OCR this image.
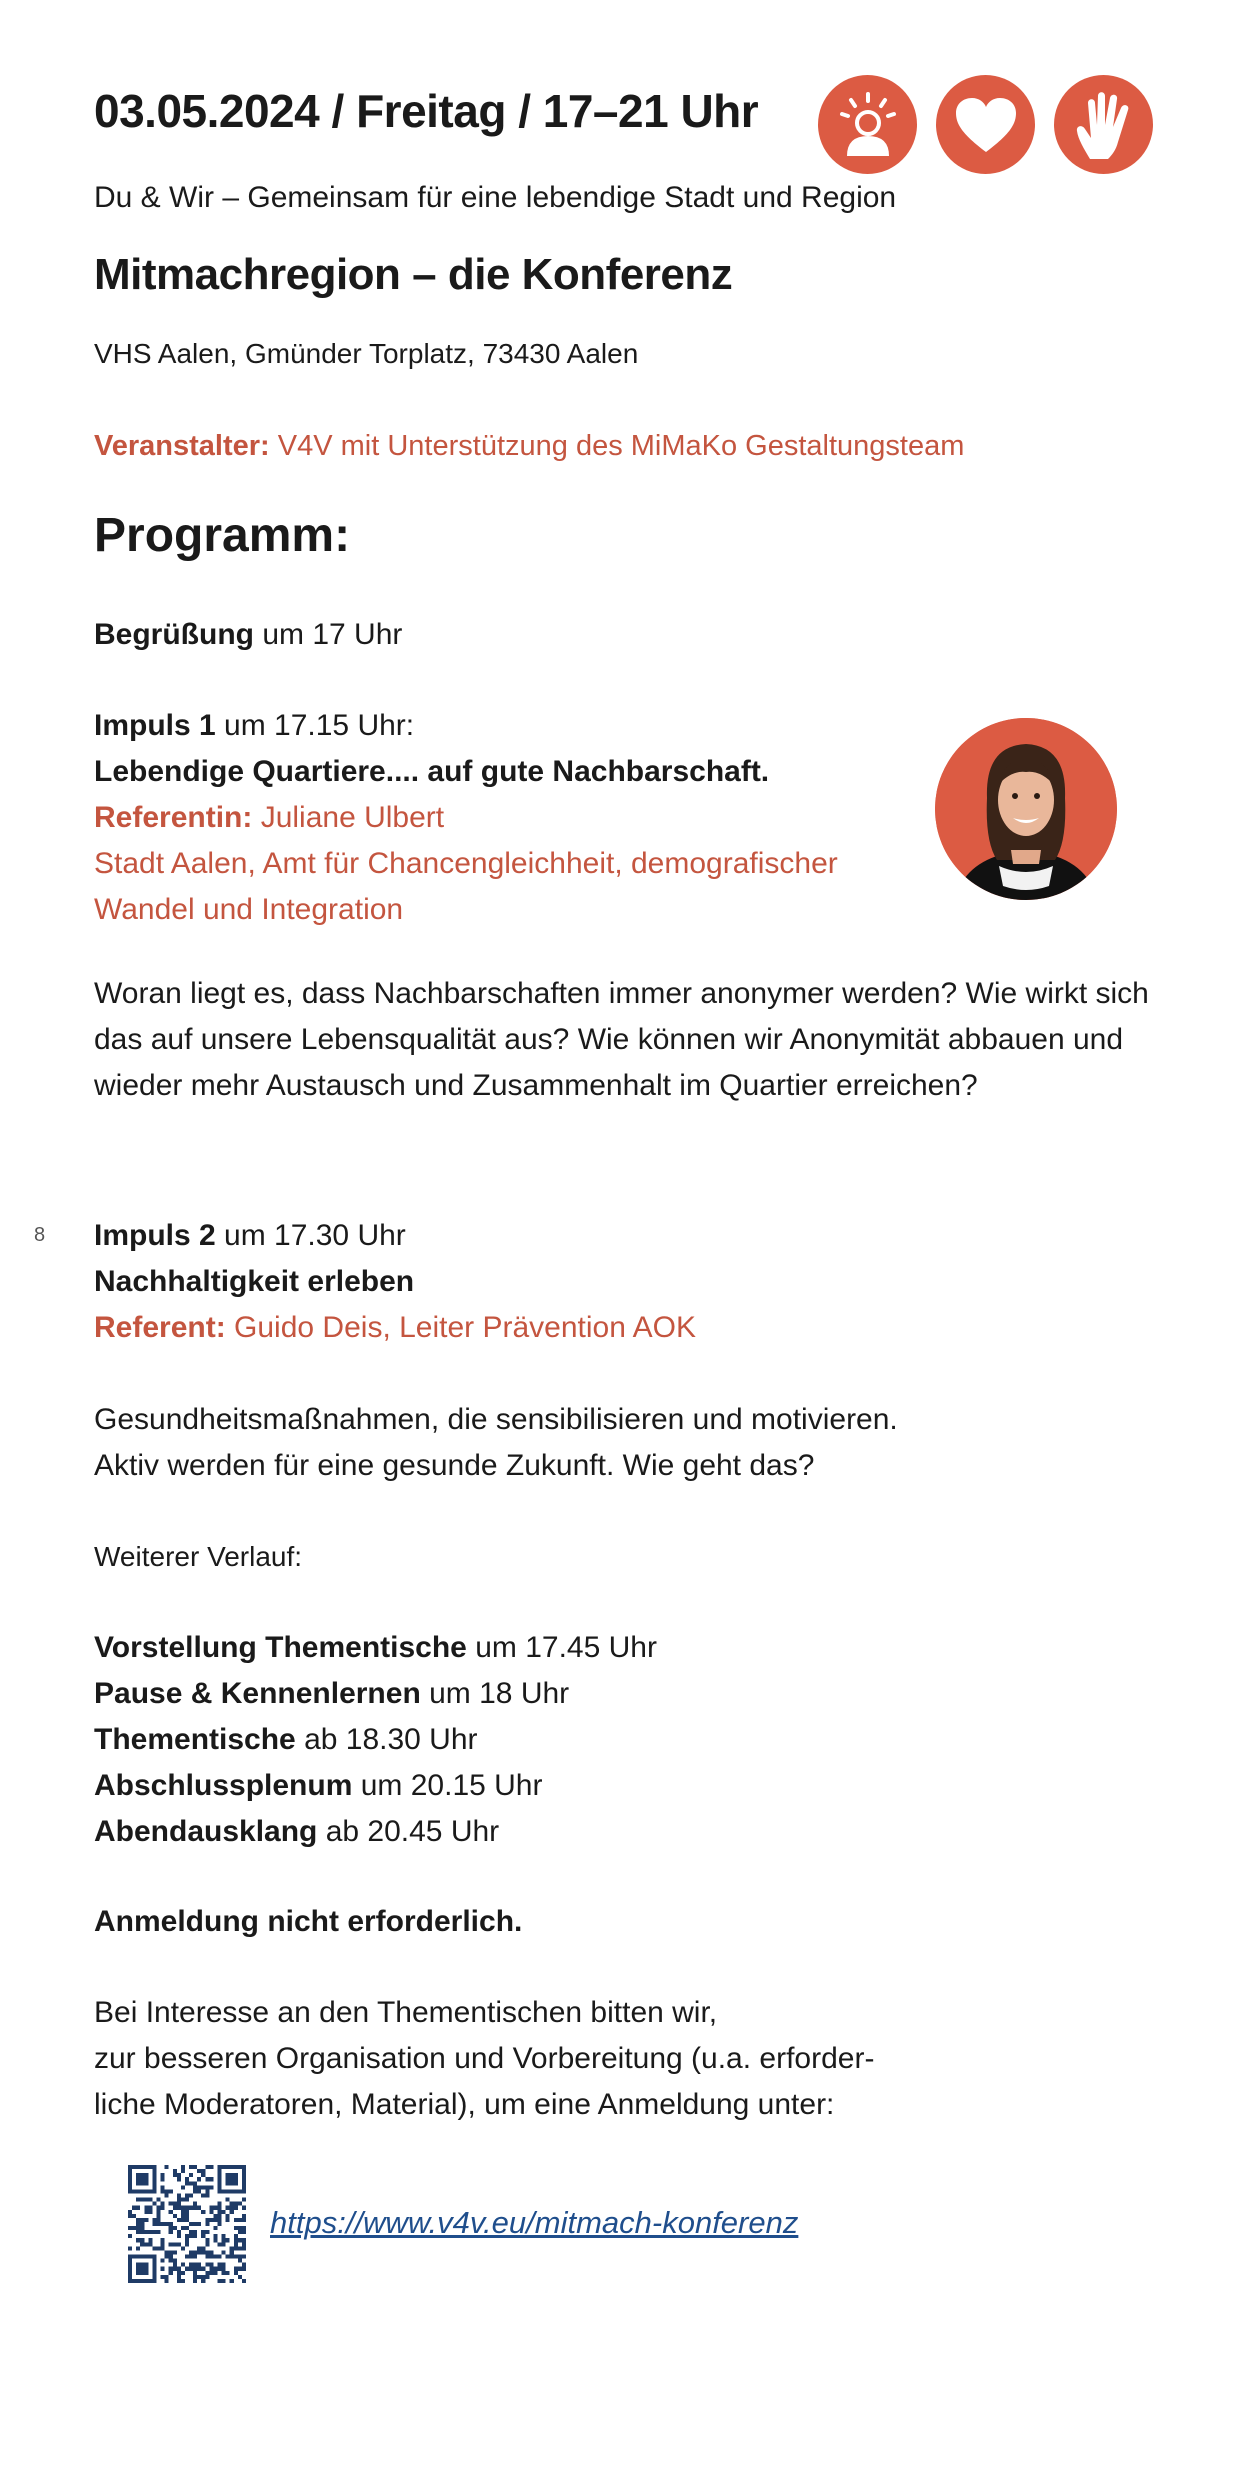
03.05.2024 / Freitag / 17–21 Uhr
Du & Wir – Gemeinsam für eine lebendige Stadt und Region
Mitmachregion – die Konferenz
VHS Aalen, Gmünder Torplatz, 73430 Aalen
Veranstalter: V4V mit Unterstützung des MiMaKo Gestaltungsteam
Programm:
Begrüßung um 17 Uhr
Impuls 1 um 17.15 Uhr:
Lebendige Quartiere.... auf gute Nachbarschaft.
Referentin: Juliane Ulbert
Stadt Aalen, Amt für Chancengleichheit, demografischer
Wandel und Integration
Woran liegt es, dass Nachbarschaften immer anonymer werden? Wie wirkt sich
das auf unsere Lebensqualität aus? Wie können wir Anonymität abbauen und
wieder mehr Austausch und Zusammenhalt im Quartier erreichen?
8 Impuls 2 um 17.30 Uhr
Nachhaltigkeit erleben
Referent: Guido Deis, Leiter Prävention AOK
Gesundheitsmaßnahmen, die sensibilisieren und motivieren.
Aktiv werden für eine gesunde Zukunft. Wie geht das?
Weiterer Verlauf:
Vorstellung Thementische um 17.45 Uhr
Pause & Kennenlernen um 18 Uhr
Thementische ab 18.30 Uhr
Abschlussplenum um 20.15 Uhr
Abendausklang ab 20.45 Uhr
Anmeldung nicht erforderlich.
Bei Interesse an den Thementischen bitten wir,
zur besseren Organisation und Vorbereitung (u.a. erforder-
liche Moderatoren, Material), um eine Anmeldung unter:
https://www.v4v.eu/mitmach-konferenz
